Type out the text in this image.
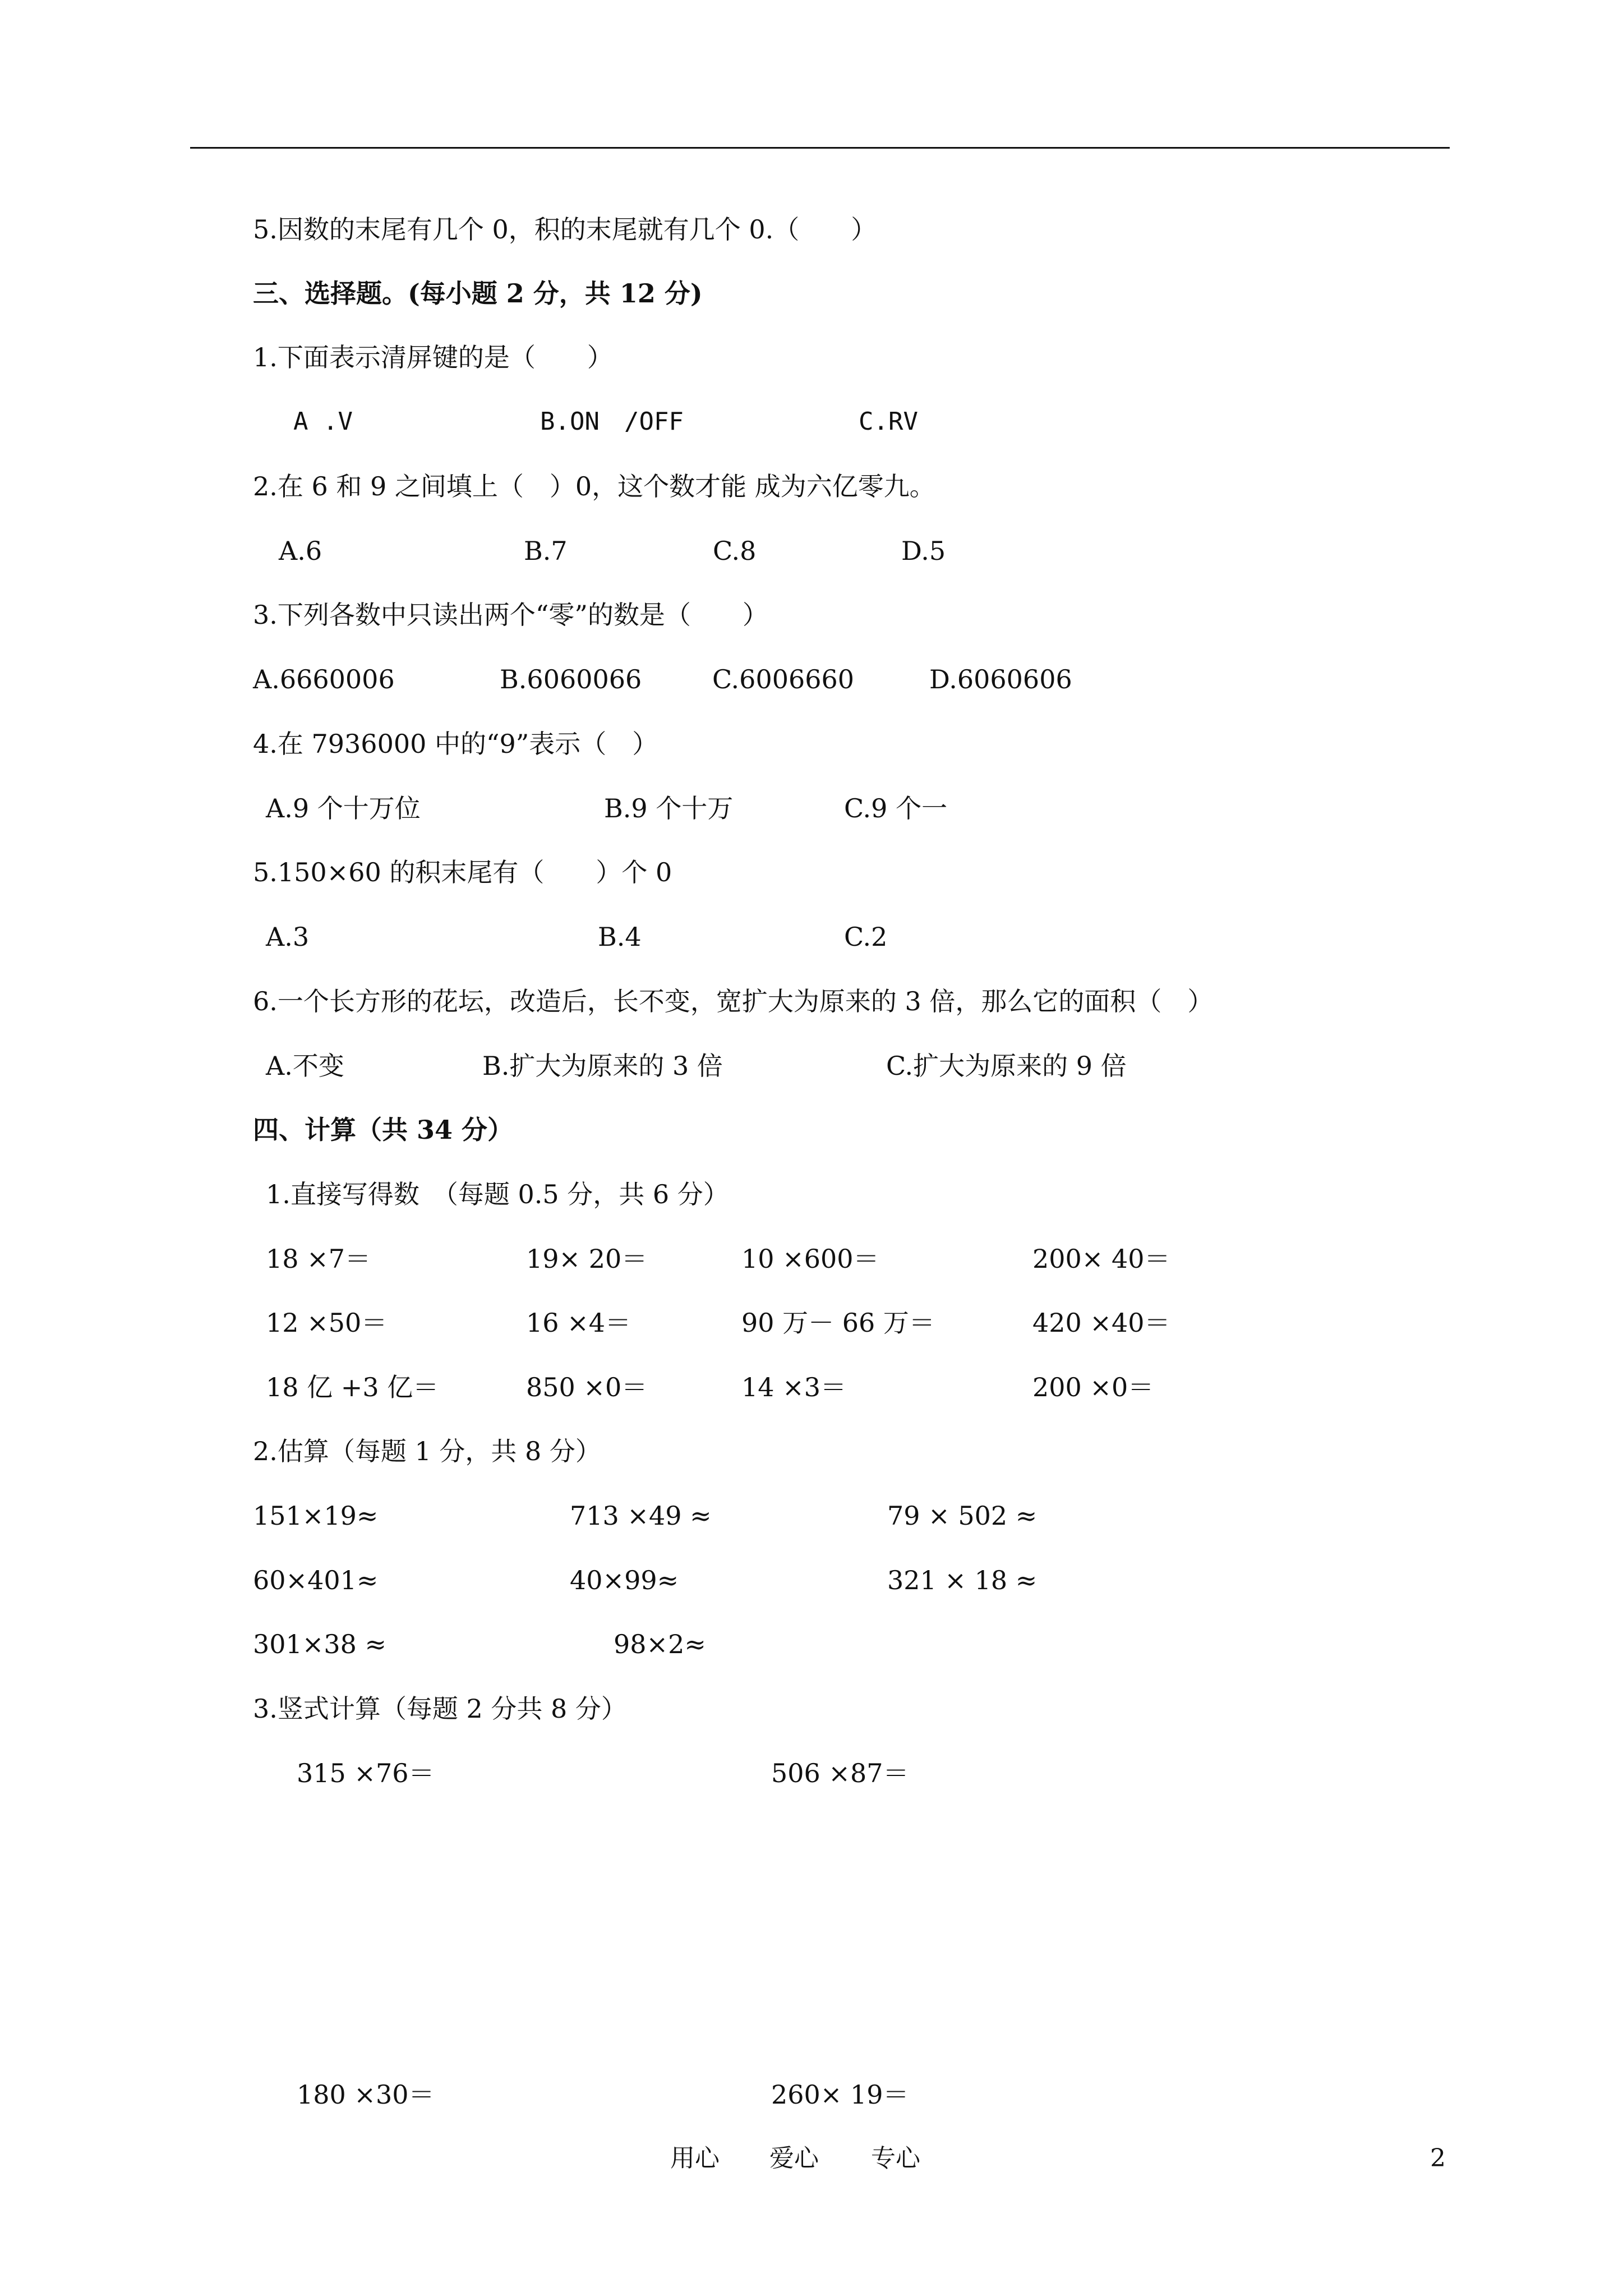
5.因数的末尾有几个 0，积的末尾就有几个 0.（　　）
三、选择题。(每小题 2 分，共 12 分)
1.下面表示清屏键的是（　　）
A .V	B.ON　/OFF	C.RV
2.在 6 和 9 之间填上（　）0，这个数才能 成为六亿零九。
A.6	B.7	C.8	D.5
3.下列各数中只读出两个“零”的数是（　　）
A.6660006	B.6060066	C.6006660	D.6060606
4.在 7936000 中的“9”表示（　）
A.9 个十万位	B.9 个十万	C.9 个一
5.150×60 的积末尾有（　　）个 0
A.3	B.4	C.2
6.一个长方形的花坛，改造后，长不变，宽扩大为原来的 3 倍，那么它的面积（　）
A.不变	B.扩大为原来的 3 倍	C.扩大为原来的 9 倍
四、计算（共 34 分）
1.直接写得数　（每题 0.5 分，共 6 分）
18 ×7＝	19× 20＝	10 ×600＝	200× 40＝
12 ×50＝	16 ×4＝	90 万－ 66 万＝	420 ×40＝
18 亿 +3 亿＝	850 ×0＝	14 ×3＝	200 ×0＝
2.估算（每题 1 分，共 8 分）
151×19≈	713 ×49 ≈	79 × 502 ≈
60×401≈	40×99≈	321 × 18 ≈
301×38 ≈	98×2≈
3.竖式计算（每题 2 分共 8 分）
315 ×76＝	506 ×87＝
180 ×30＝	260× 19＝
用心 爱心 专心	2
